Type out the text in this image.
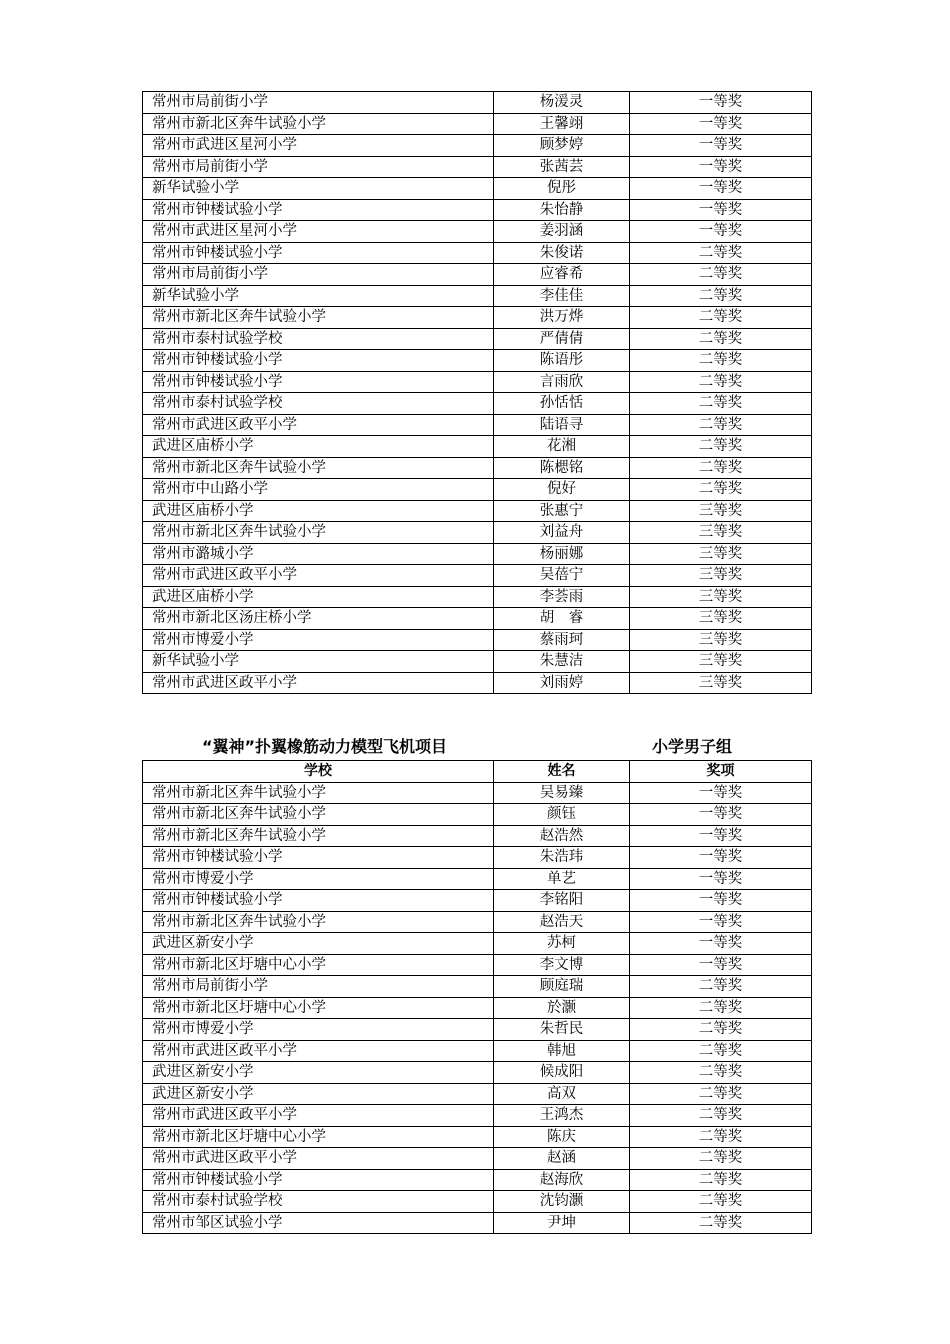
常州市局前街小学	杨湲灵	一等奖
常州市新北区奔牛试验小学	王馨翊	一等奖
常州市武进区星河小学	顾梦婷	一等奖
常州市局前街小学	张茜芸	一等奖
新华试验小学	倪彤	一等奖
常州市钟楼试验小学	朱怡静	一等奖
常州市武进区星河小学	姜羽涵	一等奖
常州市钟楼试验小学	朱俊诺	二等奖
常州市局前街小学	应睿希	二等奖
新华试验小学	李佳佳	二等奖
常州市新北区奔牛试验小学	洪万烨	二等奖
常州市泰村试验学校	严倩倩	二等奖
常州市钟楼试验小学	陈语彤	二等奖
常州市钟楼试验小学	言雨欣	二等奖
常州市泰村试验学校	孙恬恬	二等奖
常州市武进区政平小学	陆语寻	二等奖
武进区庙桥小学	花湘	二等奖
常州市新北区奔牛试验小学	陈楒铭	二等奖
常州市中山路小学	倪好	二等奖
武进区庙桥小学	张惠宁	三等奖
常州市新北区奔牛试验小学	刘益舟	三等奖
常州市潞城小学	杨丽娜	三等奖
常州市武进区政平小学	吴蓓宁	三等奖
武进区庙桥小学	李荟雨	三等奖
常州市新北区汤庄桥小学	胡　睿	三等奖
常州市博爱小学	蔡雨珂	三等奖
新华试验小学	朱慧洁	三等奖
常州市武进区政平小学	刘雨婷	三等奖
“翼神”扑翼橡筋动力模型飞机项目	小学男子组
学校	姓名	奖项
常州市新北区奔牛试验小学	吴易臻	一等奖
常州市新北区奔牛试验小学	颜钰	一等奖
常州市新北区奔牛试验小学	赵浩然	一等奖
常州市钟楼试验小学	朱浩玮	一等奖
常州市博爱小学	单艺	一等奖
常州市钟楼试验小学	李铭阳	一等奖
常州市新北区奔牛试验小学	赵浩天	一等奖
武进区新安小学	苏柯	一等奖
常州市新北区圩塘中心小学	李文博	一等奖
常州市局前街小学	顾庭瑞	二等奖
常州市新北区圩塘中心小学	於灏	二等奖
常州市博爱小学	朱哲民	二等奖
常州市武进区政平小学	韩旭	二等奖
武进区新安小学	候成阳	二等奖
武进区新安小学	高双	二等奖
常州市武进区政平小学	王鸿杰	二等奖
常州市新北区圩塘中心小学	陈庆	二等奖
常州市武进区政平小学	赵涵	二等奖
常州市钟楼试验小学	赵海欣	二等奖
常州市泰村试验学校	沈钧灏	二等奖
常州市邹区试验小学	尹坤	二等奖
